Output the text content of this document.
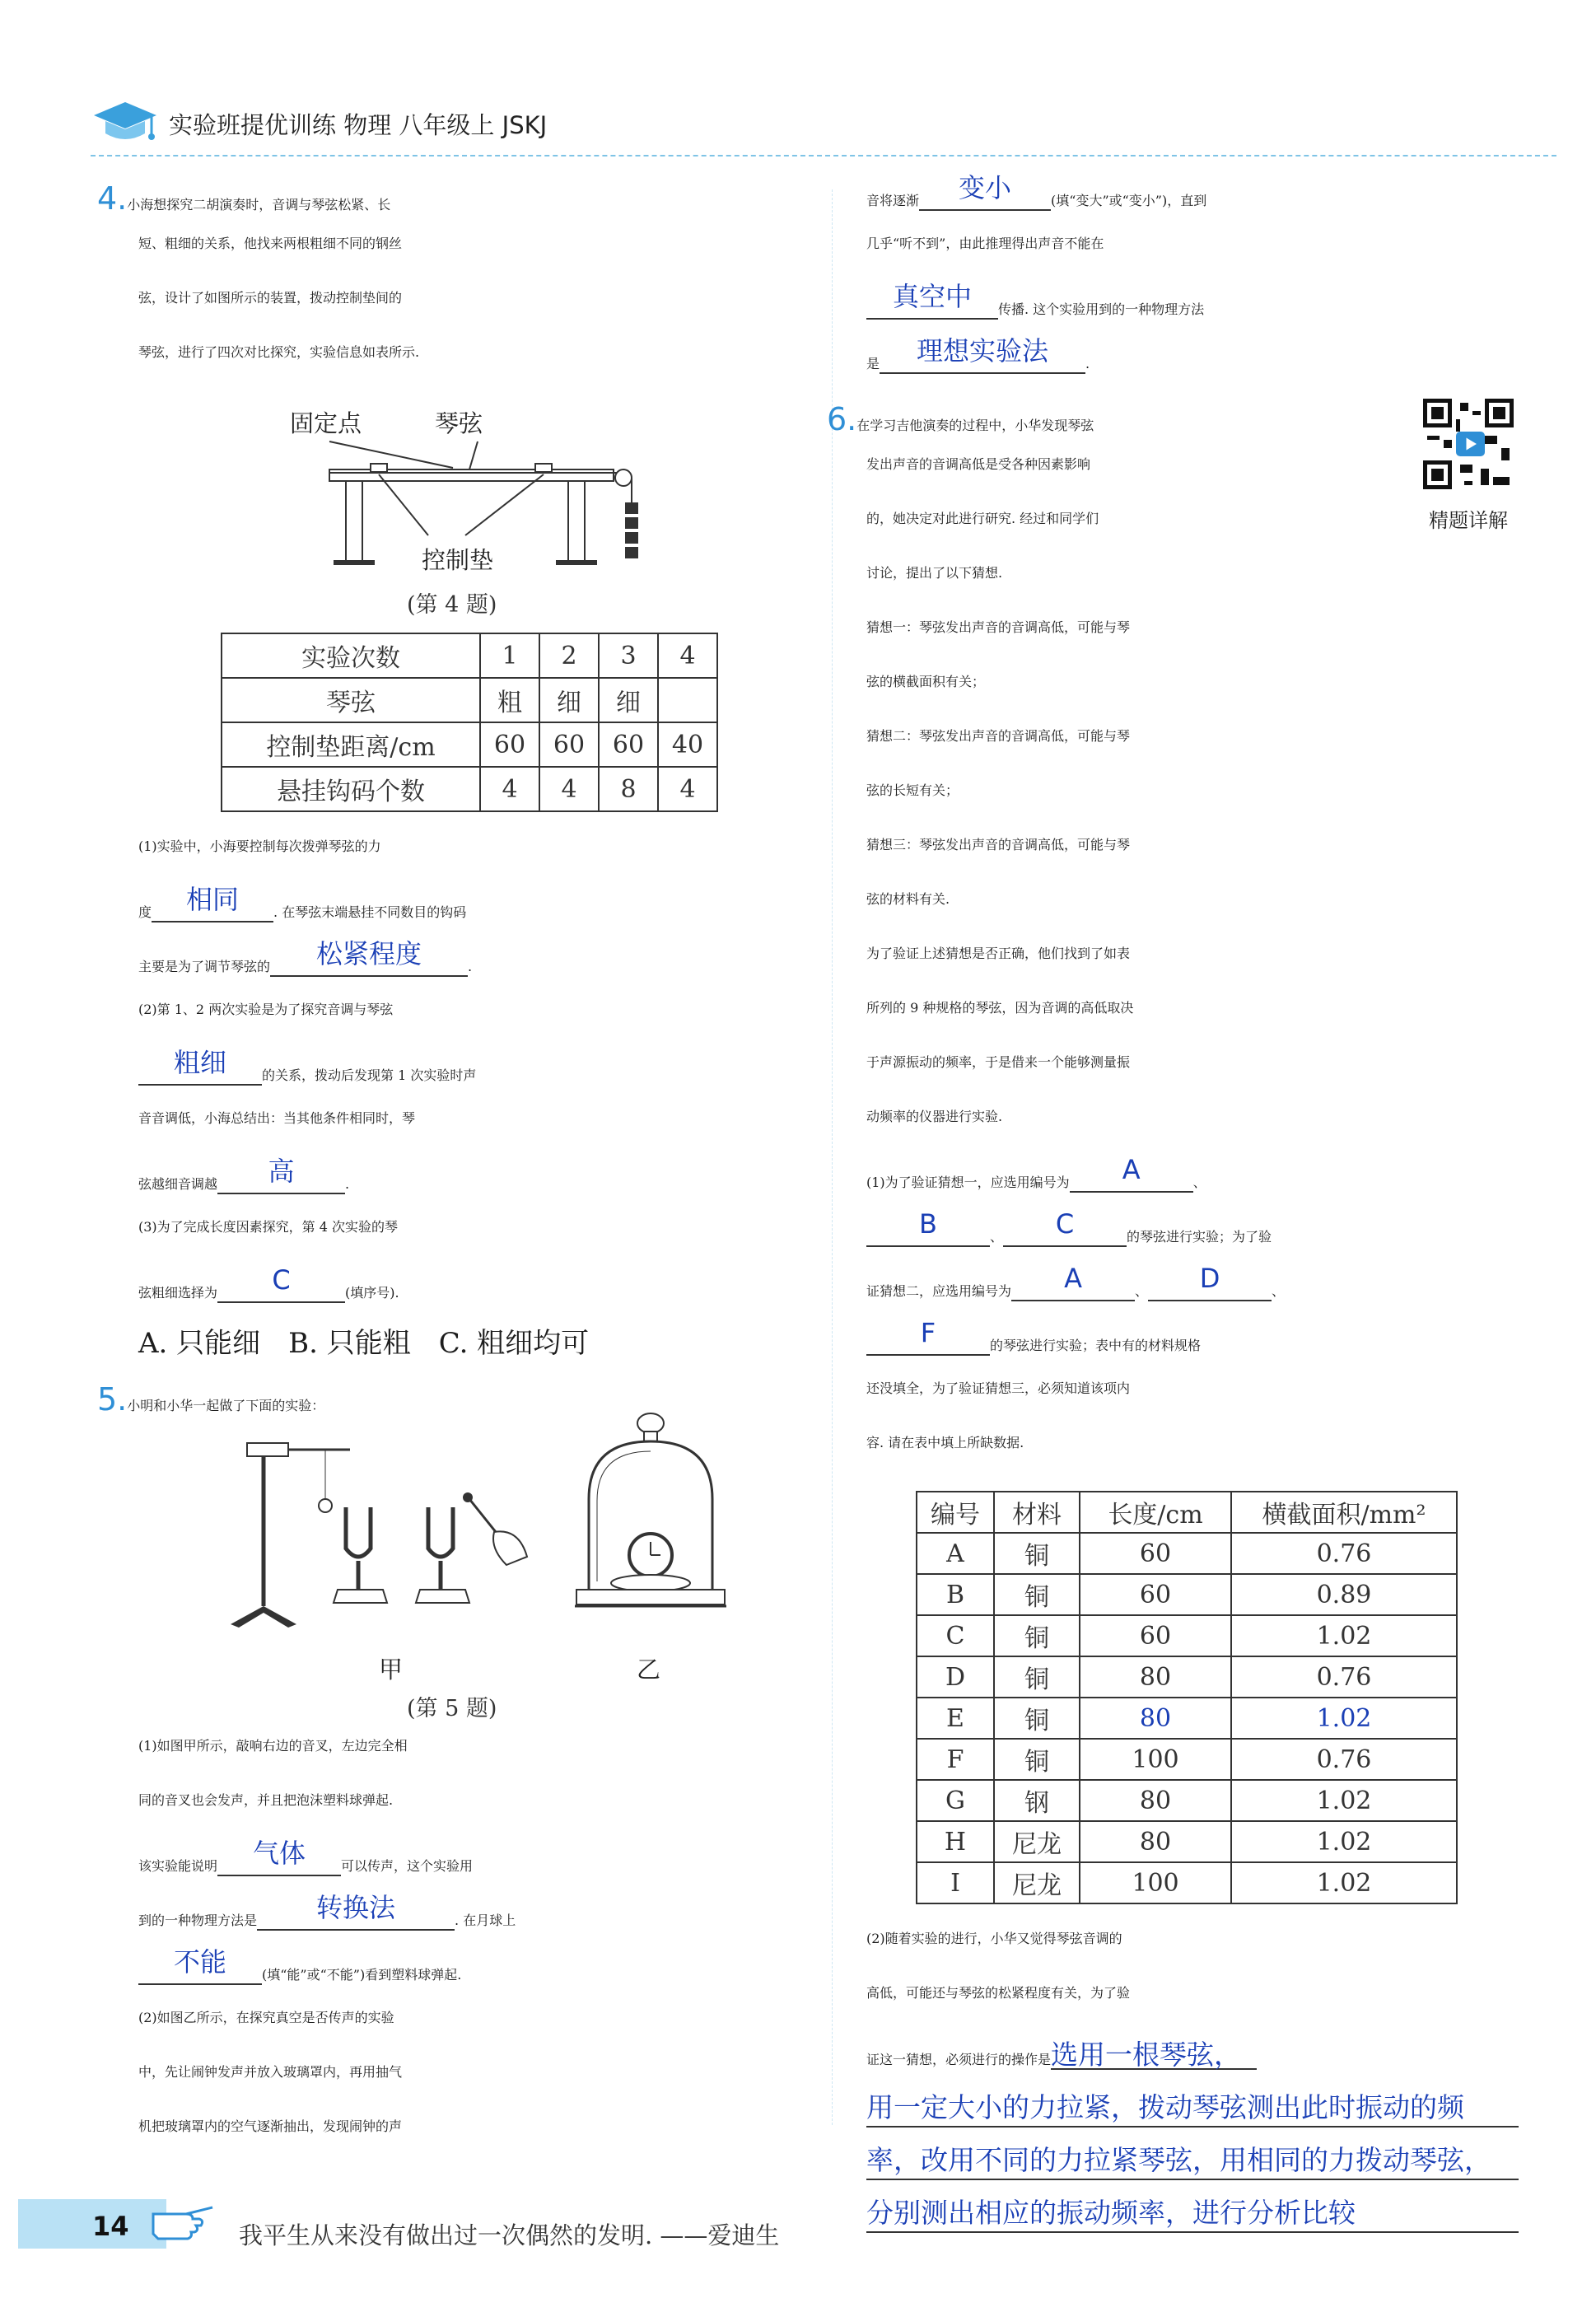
实验班提优训练 物理 八年级上 JSKJ
4.小海想探究二胡演奏时，音调与琴弦松紧、长
短、粗细的关系，他找来两根粗细不同的钢丝
弦，设计了如图所示的装置，拨动控制垫间的
琴弦，进行了四次对比探究，实验信息如表所示.
固定点	琴弦
控制垫
(第 4 题)
实验次数	1	2	3	4
琴弦	粗	细	细	
控制垫距离/cm	60	60	60	40
悬挂钩码个数	4	4	8	4
(1)实验中，小海要控制每次拨弹琴弦的力
度 相同	. 在琴弦末端悬挂不同数目的钩码
主要是为了调节琴弦的 松紧程度	.
(2)第 1、2 两次实验是为了探究音调与琴弦
粗细	的关系，拨动后发现第 1 次实验时声
音音调低，小海总结出：当其他条件相同时，琴
弦越细音调越 高	.
(3)为了完成长度因素探究，第 4 次实验的琴
弦粗细选择为 C	(填序号).
A. 只能细　B. 只能粗　C. 粗细均可
5.小明和小华一起做了下面的实验：
甲	乙
(第 5 题)
(1)如图甲所示，敲响右边的音叉，左边完全相
同的音叉也会发声，并且把泡沫塑料球弹起.
该实验能说明 气体	可以传声，这个实验用
到的一种物理方法是 转换法	. 在月球上
不能	(填“能”或“不能”)看到塑料球弹起.
(2)如图乙所示，在探究真空是否传声的实验
中，先让闹钟发声并放入玻璃罩内，再用抽气
机把玻璃罩内的空气逐渐抽出，发现闹钟的声
音将逐渐 变小	(填“变大”或“变小”)，直到
几乎“听不到”，由此推理得出声音不能在
真空中 传播. 这个实验用到的一种物理方法
是 理想实验法	.
6.在学习吉他演奏的过程中，小华发现琴弦
发出声音的音调高低是受各种因素影响
的，她决定对此进行研究. 经过和同学们
讨论，提出了以下猜想.
精题详解
猜想一：琴弦发出声音的音调高低，可能与琴
弦的横截面积有关；
猜想二：琴弦发出声音的音调高低，可能与琴
弦的长短有关；
猜想三：琴弦发出声音的音调高低，可能与琴
弦的材料有关.
为了验证上述猜想是否正确，他们找到了如表
所列的 9 种规格的琴弦，因为音调的高低取决
于声源振动的频率，于是借来一个能够测量振
动频率的仪器进行实验.
(1)为了验证猜想一，应选用编号为 A	、
B	、 C	的琴弦进行实验；为了验
证猜想二，应选用编号为 A	、 D	、
F	的琴弦进行实验；表中有的材料规格
还没填全，为了验证猜想三，必须知道该项内
容. 请在表中填上所缺数据.
编号	材料	长度/cm	横截面积/mm²
A	铜	60	0.76
B	铜	60	0.89
C	铜	60	1.02
D	铜	80	0.76
E	铜	80	1.02
F	铜	100	0.76
G	钢	80	1.02
H	尼龙	80	1.02
I	尼龙	100	1.02
(2)随着实验的进行，小华又觉得琴弦音调的
高低，可能还与琴弦的松紧程度有关，为了验
证这一猜想，必须进行的操作是选用一根琴弦，
用一定大小的力拉紧，拨动琴弦测出此时振动的频
率，改用不同的力拉紧琴弦，用相同的力拨动琴弦，
分别测出相应的振动频率，进行分析比较
14	我平生从来没有做出过一次偶然的发明. ——爱迪生
